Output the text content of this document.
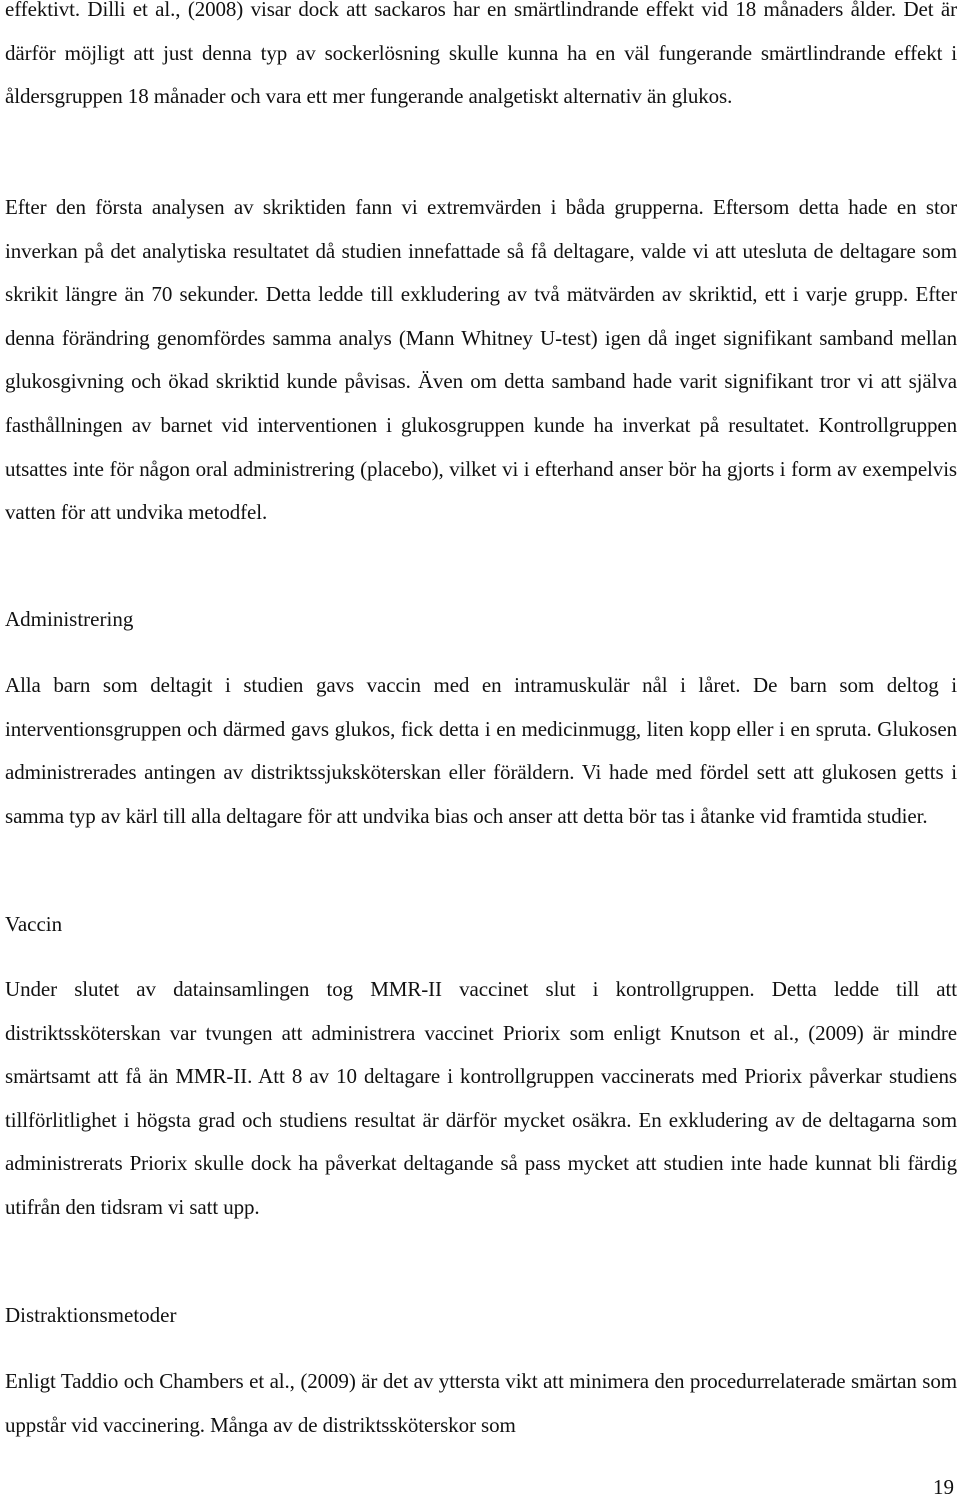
effektivt. Dilli et al., (2008) visar dock att sackaros har en smärtlindrande effekt vid 18 månaders ålder. Det är därför möjligt att just denna typ av sockerlösning skulle kunna ha en väl fungerande smärtlindrande effekt i åldersgruppen 18 månader och vara ett mer fungerande analgetiskt alternativ än glukos.

Efter den första analysen av skriktiden fann vi extremvärden i båda grupperna. Eftersom detta hade en stor inverkan på det analytiska resultatet då studien innefattade så få deltagare, valde vi att utesluta de deltagare som skrikit längre än 70 sekunder. Detta ledde till exkludering av två mätvärden av skriktid, ett i varje grupp. Efter denna förändring genomfördes samma analys (Mann Whitney U-test) igen då inget signifikant samband mellan glukosgivning och ökad skriktid kunde påvisas. Även om detta samband hade varit signifikant tror vi att själva fasthållningen av barnet vid interventionen i glukosgruppen kunde ha inverkat på resultatet. Kontrollgruppen utsattes inte för någon oral administrering (placebo), vilket vi i efterhand anser bör ha gjorts i form av exempelvis vatten för att undvika metodfel.

Administrering

Alla barn som deltagit i studien gavs vaccin med en intramuskulär nål i låret. De barn som deltog i interventionsgruppen och därmed gavs glukos, fick detta i en medicinmugg, liten kopp eller i en spruta. Glukosen administrerades antingen av distriktssjuksköterskan eller föräldern. Vi hade med fördel sett att glukosen getts i samma typ av kärl till alla deltagare för att undvika bias och anser att detta bör tas i åtanke vid framtida studier.

Vaccin

Under slutet av datainsamlingen tog MMR-II vaccinet slut i kontrollgruppen. Detta ledde till att distriktssköterskan var tvungen att administrera vaccinet Priorix som enligt Knutson et al., (2009) är mindre smärtsamt att få än MMR-II. Att 8 av 10 deltagare i kontrollgruppen vaccinerats med Priorix påverkar studiens tillförlitlighet i högsta grad och studiens resultat är därför mycket osäkra. En exkludering av de deltagarna som administrerats Priorix skulle dock ha påverkat deltagande så pass mycket att studien inte hade kunnat bli färdig utifrån den tidsram vi satt upp.

Distraktionsmetoder

Enligt Taddio och Chambers et al., (2009) är det av yttersta vikt att minimera den procedurrelaterade smärtan som uppstår vid vaccinering. Många av de distriktssköterskor som

19
